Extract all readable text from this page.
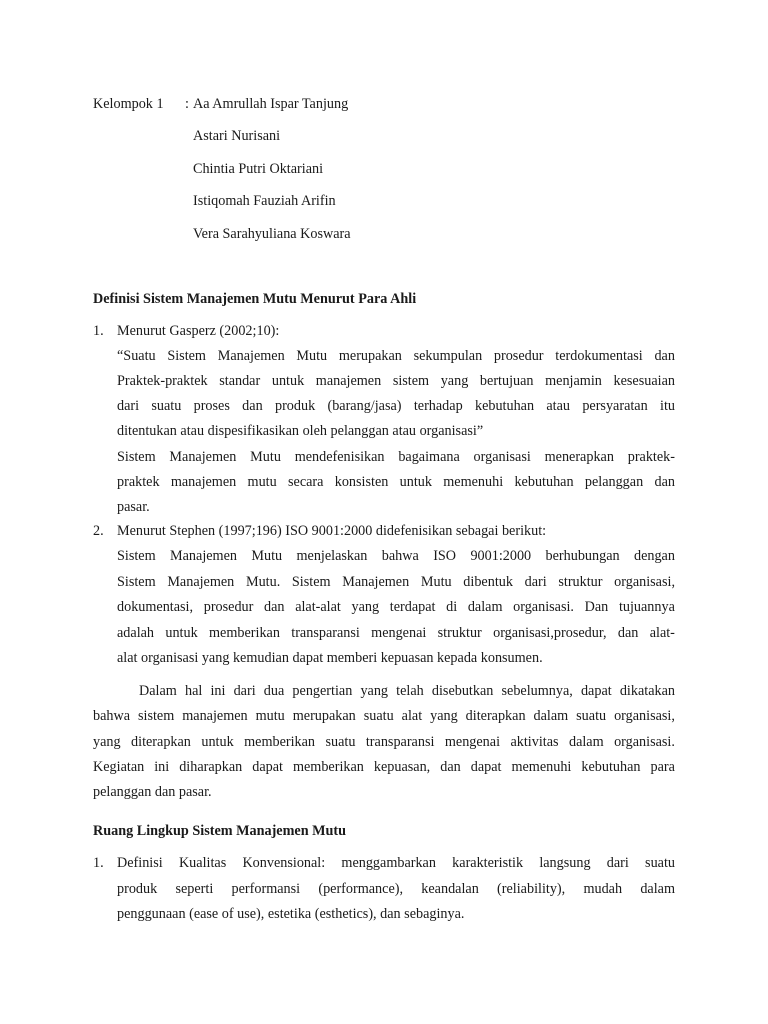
Kelompok 1 : Aa Amrullah Ispar Tanjung
Astari Nurisani
Chintia Putri Oktariani
Istiqomah Fauziah Arifin
Vera Sarahyuliana Koswara
Definisi Sistem Manajemen Mutu Menurut Para Ahli
1. Menurut Gasperz (2002;10):
“Suatu Sistem Manajemen Mutu merupakan sekumpulan prosedur terdokumentasi dan
Praktek-praktek standar untuk manajemen sistem yang bertujuan menjamin kesesuaian
dari suatu proses dan produk (barang/jasa) terhadap kebutuhan atau persyaratan itu
ditentukan atau dispesifikasikan oleh pelanggan atau organisasi”
Sistem Manajemen Mutu mendefenisikan bagaimana organisasi menerapkan praktek-
praktek manajemen mutu secara konsisten untuk memenuhi kebutuhan pelanggan dan
pasar.
2. Menurut Stephen (1997;196) ISO 9001:2000 didefenisikan sebagai berikut:
Sistem Manajemen Mutu menjelaskan bahwa ISO 9001:2000 berhubungan dengan
Sistem Manajemen Mutu. Sistem Manajemen Mutu dibentuk dari struktur organisasi,
dokumentasi, prosedur dan alat-alat yang terdapat di dalam organisasi. Dan tujuannya
adalah untuk memberikan transparansi mengenai struktur organisasi,prosedur, dan alat-
alat organisasi yang kemudian dapat memberi kepuasan kepada konsumen.
Dalam hal ini dari dua pengertian yang telah disebutkan sebelumnya, dapat dikatakan
bahwa sistem manajemen mutu merupakan suatu alat yang diterapkan dalam suatu organisasi,
yang diterapkan untuk memberikan suatu transparansi mengenai aktivitas dalam organisasi.
Kegiatan ini diharapkan dapat memberikan kepuasan, dan dapat memenuhi kebutuhan para
pelanggan dan pasar.
Ruang Lingkup Sistem Manajemen Mutu
1. Definisi Kualitas Konvensional: menggambarkan karakteristik langsung dari suatu
produk seperti performansi (performance), keandalan (reliability), mudah dalam
penggunaan (ease of use), estetika (esthetics), dan sebaginya.
